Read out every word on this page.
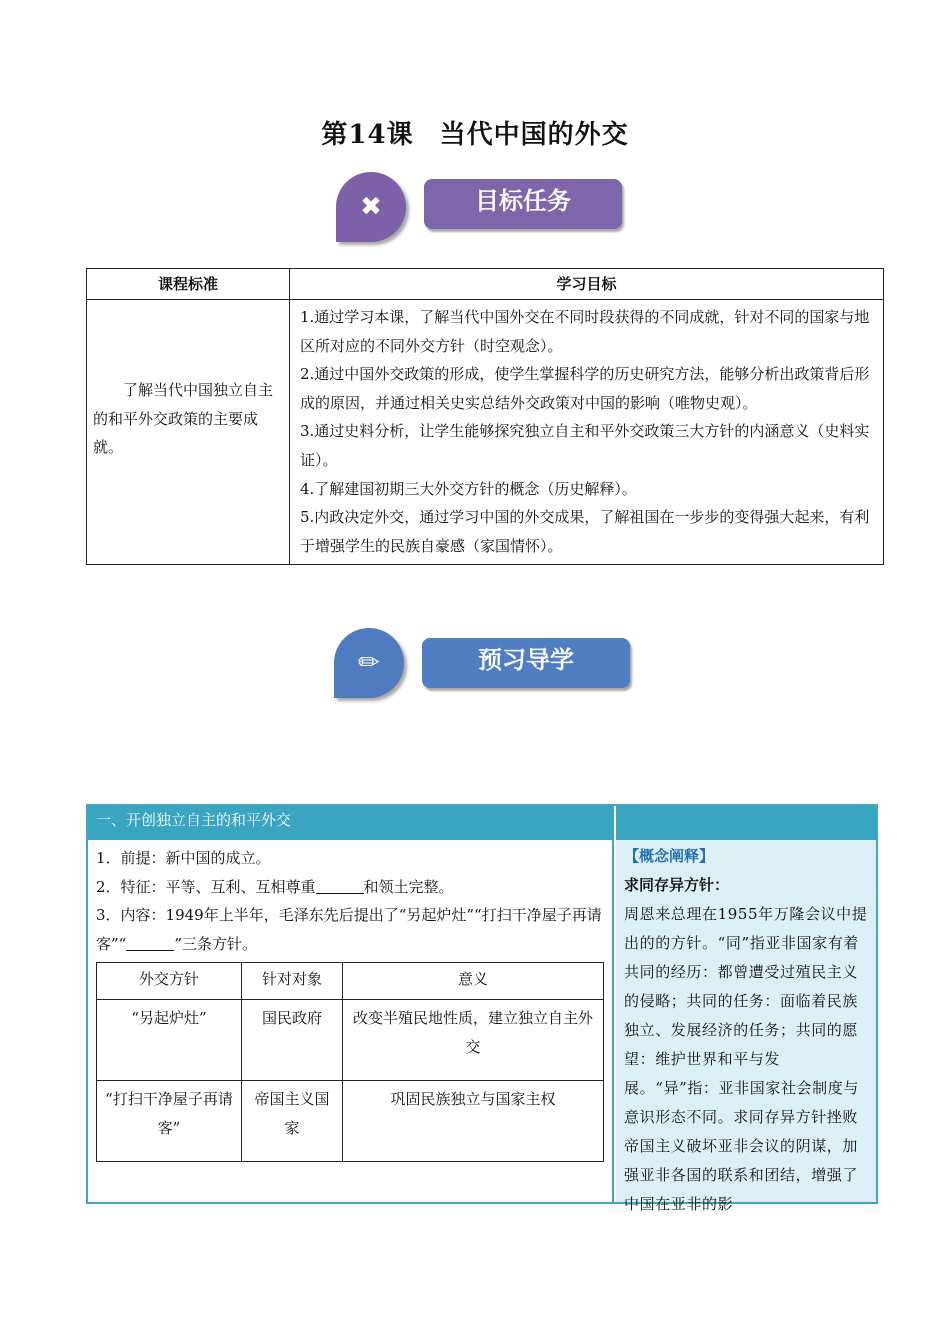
第14课 当代中国的外交
✖	目标任务
课程标准	学习目标

了解当代中国独立自主的和平外交政策的主要成就。	1.通过学习本课，了解当代中国外交在不同时段获得的不同成就，针对不同的国家与地区所对应的不同外交方针（时空观念）。

2.通过中国外交政策的形成，使学生掌握科学的历史研究方法，能够分析出政策背后形成的原因，并通过相关史实总结外交政策对中国的影响（唯物史观）。

3.通过史料分析，让学生能够探究独立自主和平外交政策三大方针的内涵意义（史料实证）。

4.了解建国初期三大外交方针的概念（历史解释）。

5.内政决定外交，通过学习中国的外交成果，了解祖国在一步步的变得强大起来，有利于增强学生的民族自豪感（家国情怀）。

✏	预习导学
一、开创独立自主的和平外交

1．前提：新中国的成立。

2．特征：平等、互利、互相尊重	和领土完整。

3．内容：1949年上半年，毛泽东先后提出了“另起炉灶”“打扫干净屋子再请客”“	”三条方针。

外交方针	针对对象	意义
“另起炉灶”	国民政府	改变半殖民地性质，建立独立自主外交
“打扫干净屋子再请客”	帝国主义国家	巩固民族独立与国家主权

【概念阐释】

求同存异方针：

周恩来总理在1955年万隆会议中提出的的方针。“同”指亚非国家有着共同的经历：都曾遭受过殖民主义的侵略；共同的任务：面临着民族独立、发展经济的任务；共同的愿望：维护世界和平与发展。“异”指：亚非国家社会制度与意识形态不同。求同存异方针挫败帝国主义破坏亚非会议的阴谋，加强亚非各国的联系和团结，增强了中国在亚非的影
